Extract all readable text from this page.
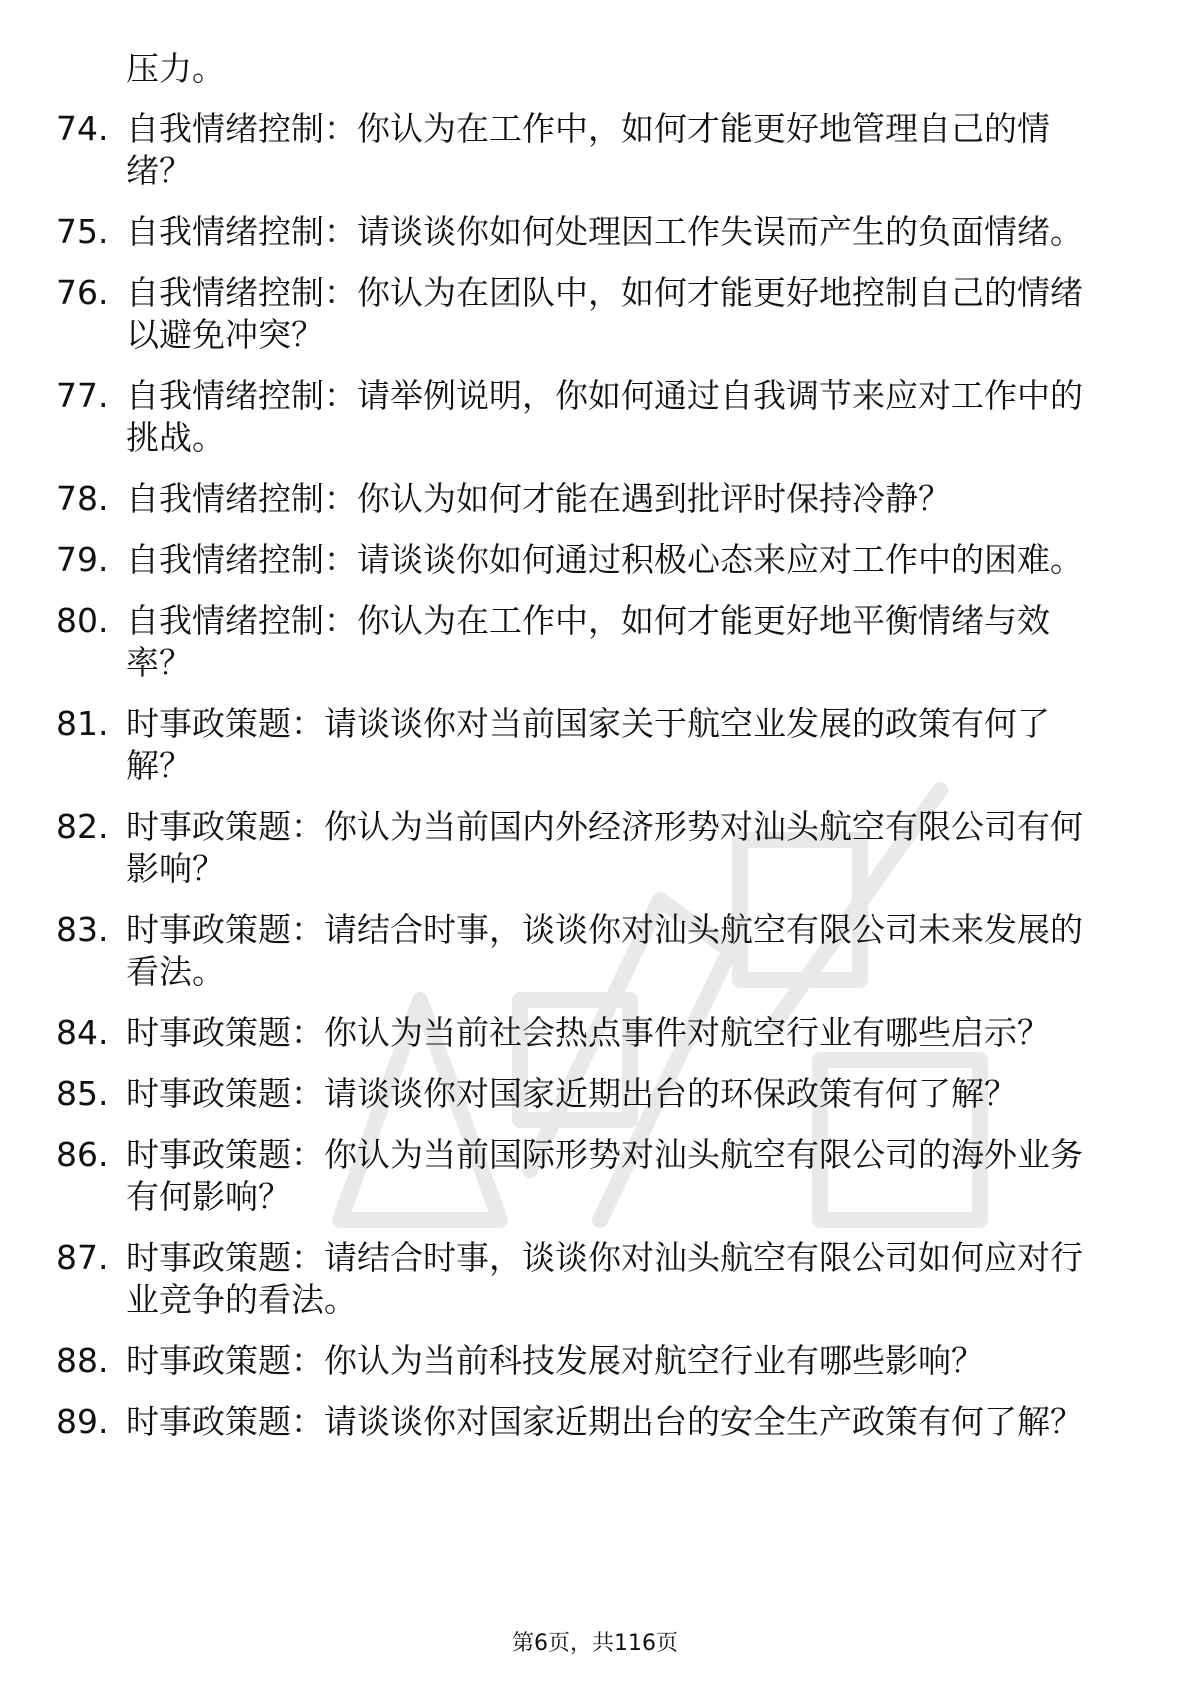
压力。
74. 自我情绪控制：你认为在工作中，如何才能更好地管理自己的情绪？
75. 自我情绪控制：请谈谈你如何处理因工作失误而产生的负面情绪。
76. 自我情绪控制：你认为在团队中，如何才能更好地控制自己的情绪以避免冲突？
77. 自我情绪控制：请举例说明，你如何通过自我调节来应对工作中的挑战。
78. 自我情绪控制：你认为如何才能在遇到批评时保持冷静？
79. 自我情绪控制：请谈谈你如何通过积极心态来应对工作中的困难。
80. 自我情绪控制：你认为在工作中，如何才能更好地平衡情绪与效率？
81. 时事政策题：请谈谈你对当前国家关于航空业发展的政策有何了解？
82. 时事政策题：你认为当前国内外经济形势对汕头航空有限公司有何影响？
83. 时事政策题：请结合时事，谈谈你对汕头航空有限公司未来发展的看法。
84. 时事政策题：你认为当前社会热点事件对航空行业有哪些启示？
85. 时事政策题：请谈谈你对国家近期出台的环保政策有何了解？
86. 时事政策题：你认为当前国际形势对汕头航空有限公司的海外业务有何影响？
87. 时事政策题：请结合时事，谈谈你对汕头航空有限公司如何应对行业竞争的看法。
88. 时事政策题：你认为当前科技发展对航空行业有哪些影响？
89. 时事政策题：请谈谈你对国家近期出台的安全生产政策有何了解？
第6页，共116页
